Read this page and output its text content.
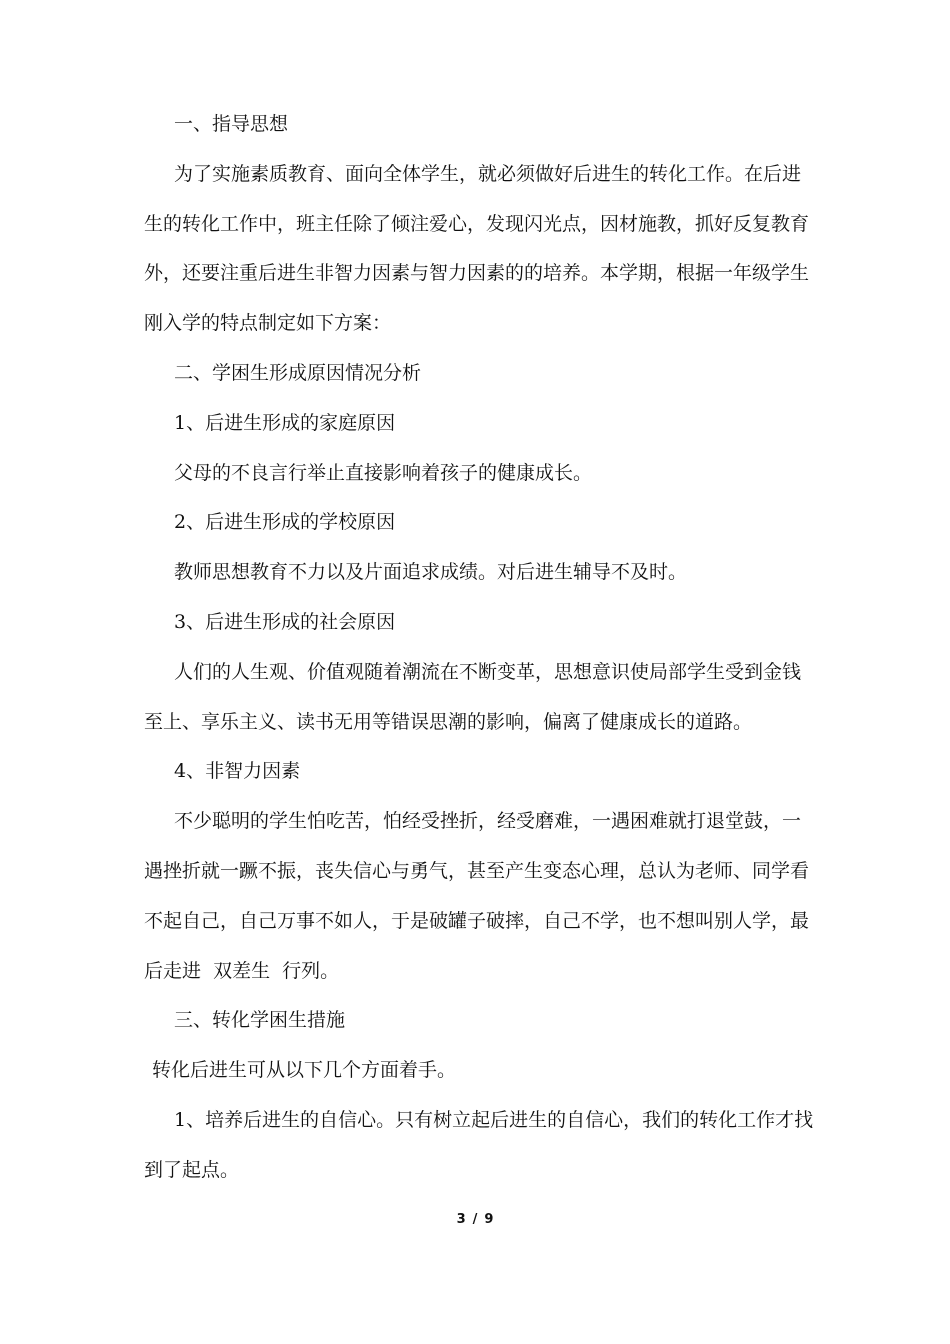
一、指导思想
为了实施素质教育、面向全体学生，就必须做好后进生的转化工作。在后进
生的转化工作中，班主任除了倾注爱心，发现闪光点，因材施教，抓好反复教育
外，还要注重后进生非智力因素与智力因素的的培养。本学期，根据一年级学生
刚入学的特点制定如下方案：
二、学困生形成原因情况分析
1、后进生形成的家庭原因
父母的不良言行举止直接影响着孩子的健康成长。
2、后进生形成的学校原因
教师思想教育不力以及片面追求成绩。对后进生辅导不及时。
3、后进生形成的社会原因
人们的人生观、价值观随着潮流在不断变革，思想意识使局部学生受到金钱
至上、享乐主义、读书无用等错误思潮的影响，偏离了健康成长的道路。
4、非智力因素
不少聪明的学生怕吃苦，怕经受挫折，经受磨难，一遇困难就打退堂鼓，一
遇挫折就一蹶不振，丧失信心与勇气，甚至产生变态心理，总认为老师、同学看
不起自己，自己万事不如人，于是破罐子破摔，自己不学，也不想叫别人学，最
后走进  双差生  行列。
三、转化学困生措施
转化后进生可从以下几个方面着手。
1、培养后进生的自信心。只有树立起后进生的自信心，我们的转化工作才找
到了起点。
3 / 9
